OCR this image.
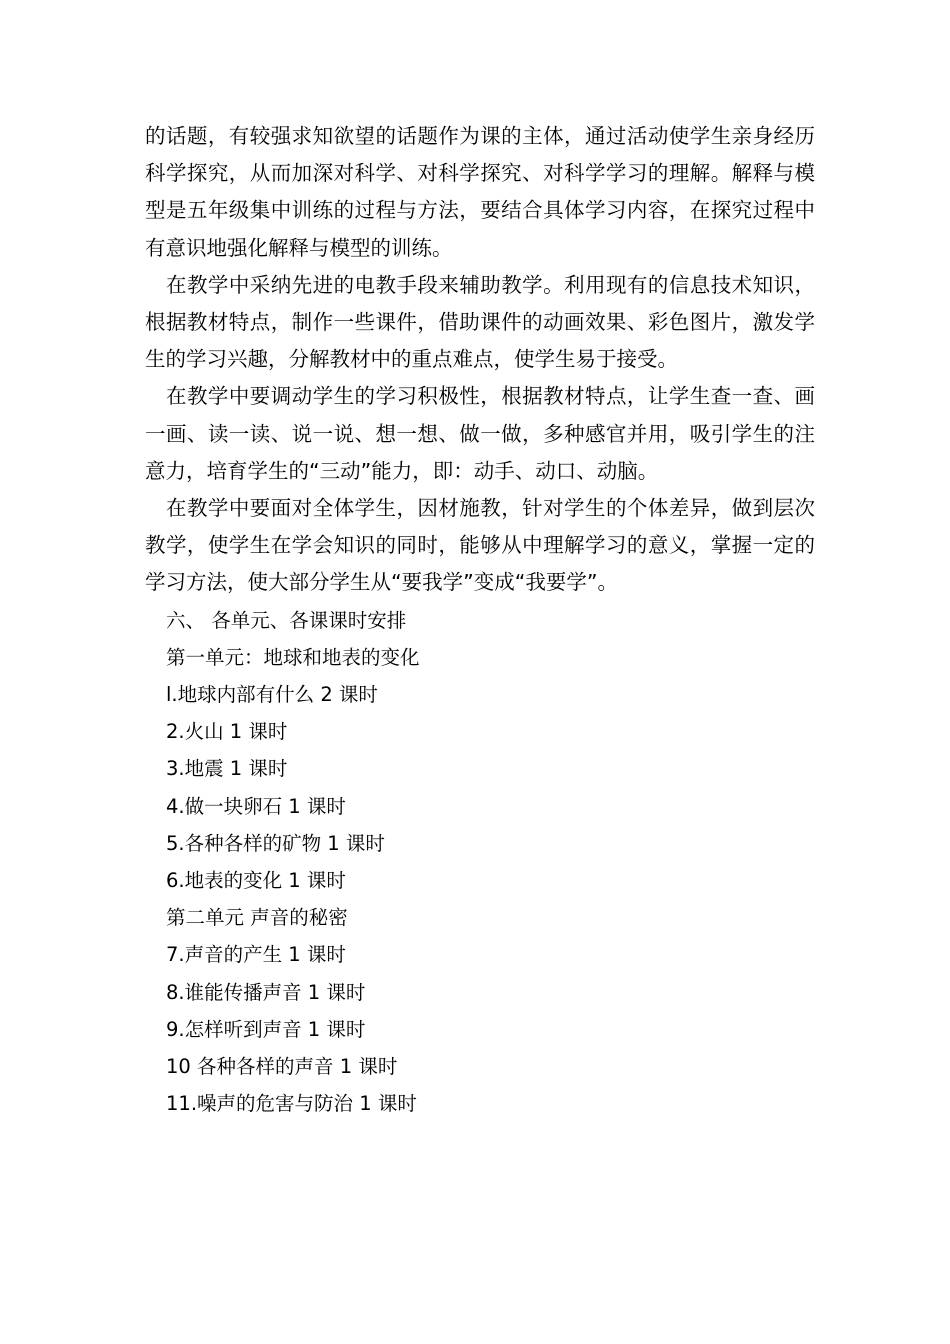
的话题，有较强求知欲望的话题作为课的主体，通过活动使学生亲身经历科学探究，从而加深对科学、对科学探究、对科学学习的理解。解释与模型是五年级集中训练的过程与方法，要结合具体学习内容，在探究过程中有意识地强化解释与模型的训练。

在教学中采纳先进的电教手段来辅助教学。利用现有的信息技术知识，根据教材特点，制作一些课件，借助课件的动画效果、彩色图片，激发学生的学习兴趣，分解教材中的重点难点，使学生易于接受。

在教学中要调动学生的学习积极性，根据教材特点，让学生查一查、画一画、读一读、说一说、想一想、做一做，多种感官并用，吸引学生的注意力，培育学生的“三动”能力，即：动手、动口、动脑。

在教学中要面对全体学生，因材施教，针对学生的个体差异，做到层次教学，使学生在学会知识的同时，能够从中理解学习的意义，掌握一定的学习方法，使大部分学生从“要我学”变成“我要学”。

六、 各单元、各课课时安排

第一单元：地球和地表的变化

l.地球内部有什么 2 课时

2.火山 1 课时

3.地震 1 课时

4.做一块卵石 1 课时

5.各种各样的矿物 1 课时

6.地表的变化 1 课时

第二单元 声音的秘密

7.声音的产生 1 课时

8.谁能传播声音 1 课时

9.怎样听到声音 1 课时

10 各种各样的声音 1 课时

11.噪声的危害与防治 1 课时
